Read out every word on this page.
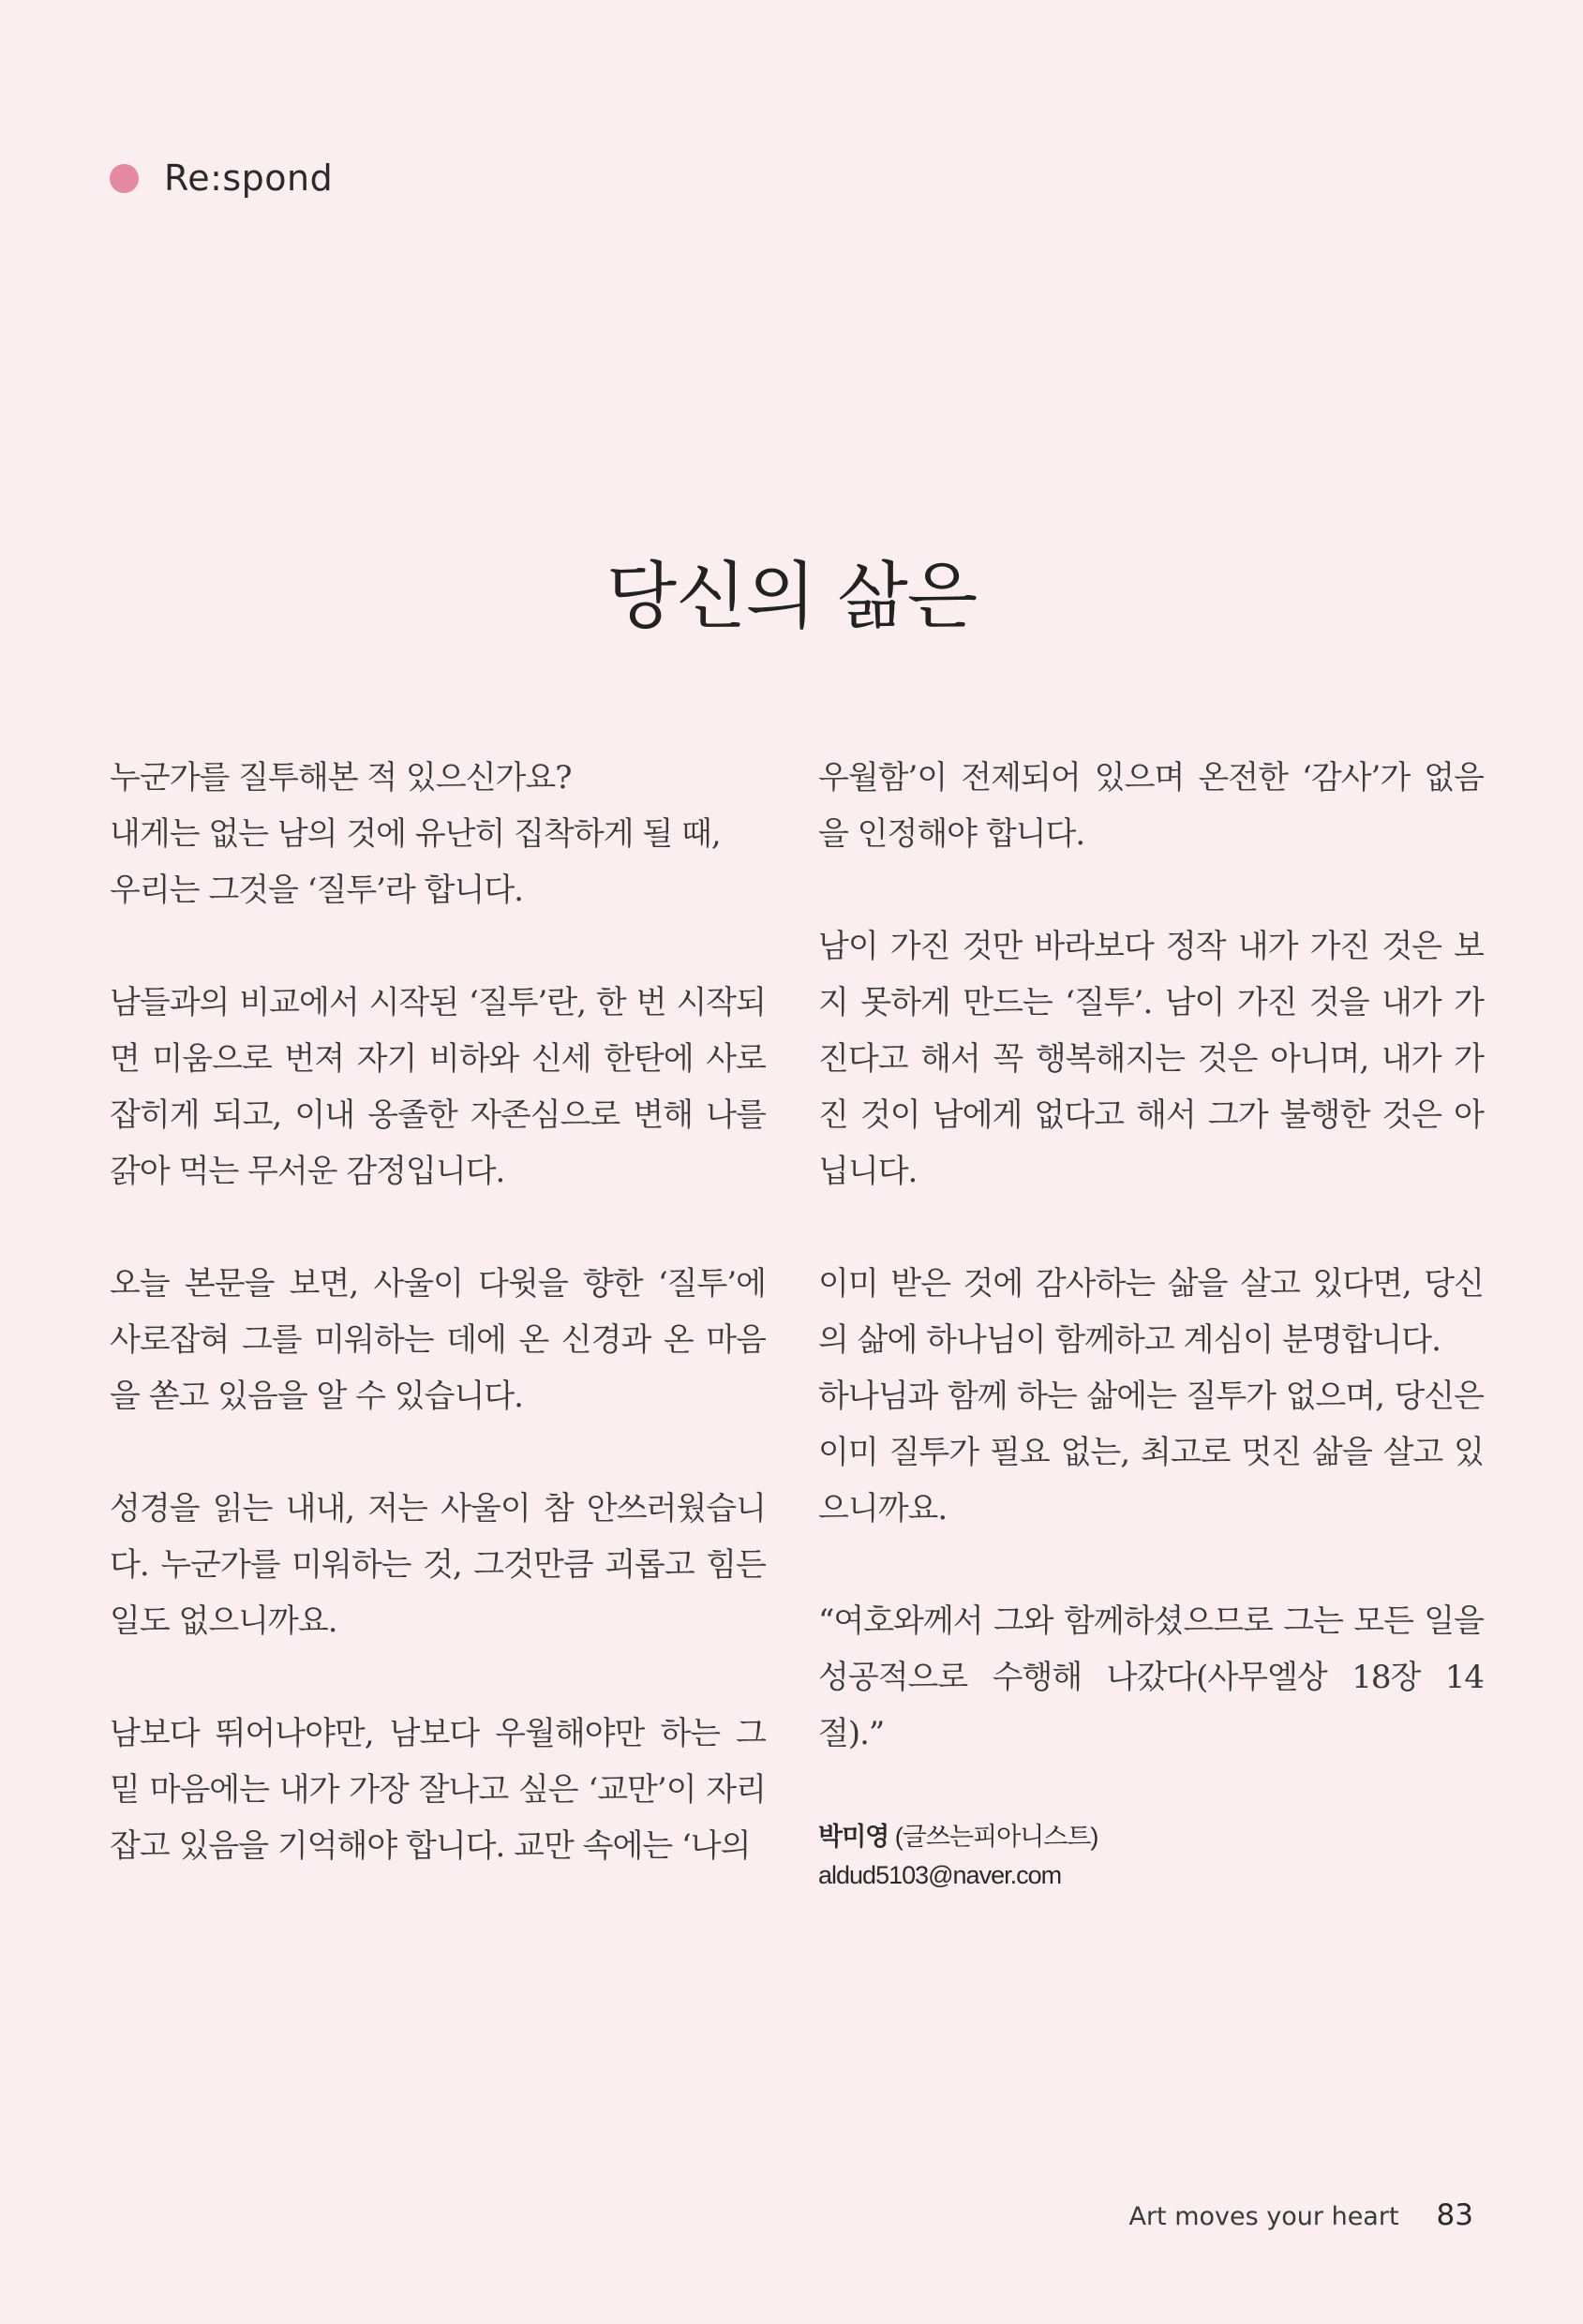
Re:spond
당신의 삶은

누군가를 질투해본 적 있으신가요?
내게는 없는 남의 것에 유난히 집착하게 될 때,
우리는 그것을 ‘질투’라 합니다.

남들과의 비교에서 시작된 ‘질투’란, 한 번 시작되면 미움으로 번져 자기 비하와 신세 한탄에 사로잡히게 되고, 이내 옹졸한 자존심으로 변해 나를 갉아 먹는 무서운 감정입니다.

오늘 본문을 보면, 사울이 다윗을 향한 ‘질투’에 사로잡혀 그를 미워하는 데에 온 신경과 온 마음을 쏟고 있음을 알 수 있습니다.

성경을 읽는 내내, 저는 사울이 참 안쓰러웠습니다. 누군가를 미워하는 것, 그것만큼 괴롭고 힘든 일도 없으니까요.

남보다 뛰어나야만, 남보다 우월해야만 하는 그 밑 마음에는 내가 가장 잘나고 싶은 ‘교만’이 자리 잡고 있음을 기억해야 합니다. 교만 속에는 ‘나의

우월함’이 전제되어 있으며 온전한 ‘감사’가 없음을 인정해야 합니다.

남이 가진 것만 바라보다 정작 내가 가진 것은 보지 못하게 만드는 ‘질투’. 남이 가진 것을 내가 가진다고 해서 꼭 행복해지는 것은 아니며, 내가 가진 것이 남에게 없다고 해서 그가 불행한 것은 아닙니다.

이미 받은 것에 감사하는 삶을 살고 있다면, 당신의 삶에 하나님이 함께하고 계심이 분명합니다.
하나님과 함께 하는 삶에는 질투가 없으며, 당신은 이미 질투가 필요 없는, 최고로 멋진 삶을 살고 있으니까요.

“여호와께서 그와 함께하셨으므로 그는 모든 일을 성공적으로 수행해 나갔다(사무엘상 18장 14절).”

박미영 (글쓰는피아니스트)
aldud5103@naver.com
Art moves your heart 83
